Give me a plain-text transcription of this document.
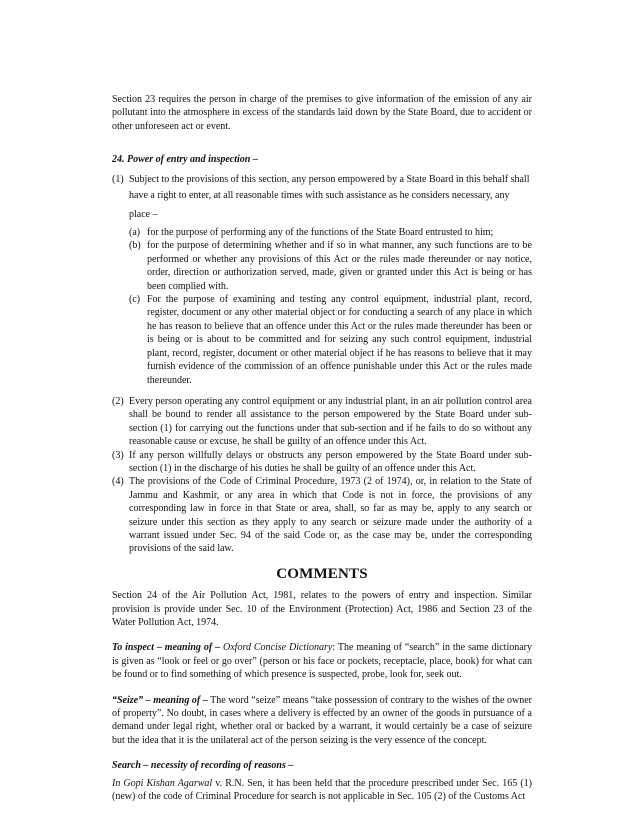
Section 23 requires the person in charge of the premises to give information of the emission of any air pollutant into the atmosphere in excess of the standards laid down by the State Board, due to accident or other unforeseen act or event.

24. Power of entry and inspection –

(1) Subject to the provisions of this section, any person empowered by a State Board in this behalf shall
have a right to enter, at all reasonable times with such assistance as he considers necessary, any place –
(a) for the purpose of performing any of the functions of the State Board entrusted to him;
(b) for the purpose of determining whether and if so in what manner, any such functions are to be performed or whether any provisions of this Act or the rules made thereunder or nay notice, order, direction or authorization served, made, given or granted under this Act is being or has been complied with.
(c) For the purpose of examining and testing any control equipment, industrial plant, record, register, document or any other material object or for conducting a search of any place in which he has reason to believe that an offence under this Act or the rules made thereunder has been or is being or is about to be committed and for seizing any such control equipment, industrial plant, record, register, document or other material object if he has reasons to believe that it may furnish evidence of the commission of an offence punishable under this Act or the rules made thereunder.
(2) Every person operating any control equipment or any industrial plant, in an air pollution control area shall be bound to render all assistance to the person empowered by the State Board under sub-section (1) for carrying out the functions under that sub-section and if he fails to do so without any reasonable cause or excuse, he shall be guilty of an offence under this Act.
(3) If any person willfully delays or obstructs any person empowered by the State Board under sub-section (1) in the discharge of his duties he shall be guilty of an offence under this Act.
(4) The provisions of the Code of Criminal Procedure, 1973 (2 of 1974), or, in relation to the State of Jammu and Kashmir, or any area in which that Code is not in force, the provisions of any corresponding law in force in that State or area, shall, so far as may be, apply to any search or seizure under this section as they apply to any search or seizure made under the authority of a warrant issued under Sec. 94 of the said Code or, as the case may be, under the corresponding provisions of the said law.
COMMENTS

Section 24 of the Air Pollution Act, 1981, relates to the powers of entry and inspection. Similar provision is provide under Sec. 10 of the Environment (Protection) Act, 1986 and Section 23 of the Water Pollution Act, 1974.

To inspect – meaning of – Oxford Concise Dictionary: The meaning of “search” in the same dictionary is given as “look or feel or go over” (person or his face or pockets, receptacle, place, book) for what can be found or to find something of which presence is suspected, probe, look for, seek out.

“Seize” – meaning of – The word “seize” means “take possession of contrary to the wishes of the owner of property”. No doubt, in cases where a delivery is effected by an owner of the goods in pursuance of a demand under legal right, whether oral or backed by a warrant, it would certainly be a case of seizure but the idea that it is the unilateral act of the person seizing is the very essence of the concept.

Search – necessity of recording of reasons –

In Gopi Kishan Agarwal v. R.N. Sen, it has been held that the procedure prescribed under Sec. 165 (1) (new) of the code of Criminal Procedure for search is not applicable in Sec. 105 (2) of the Customs Act
